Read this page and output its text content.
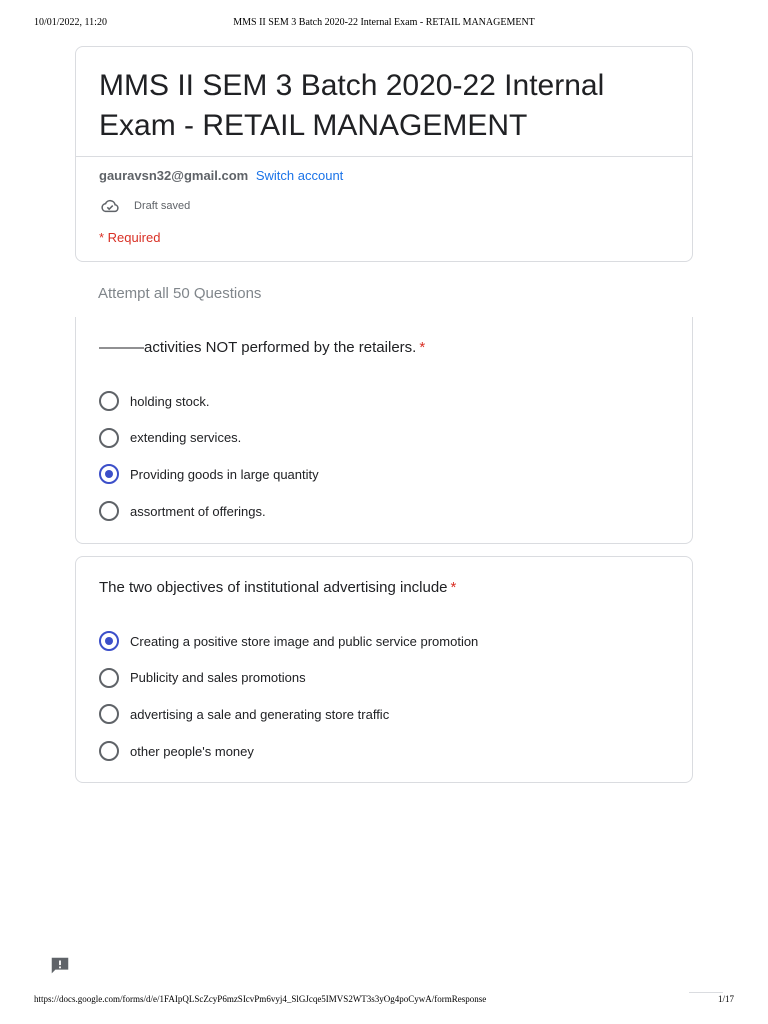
10/01/2022, 11:20	MMS II SEM 3 Batch 2020-22 Internal Exam - RETAIL MANAGEMENT
MMS II SEM 3 Batch 2020-22 Internal Exam - RETAIL MANAGEMENT
gauravsn32@gmail.com Switch account
Draft saved
* Required
Attempt all 50 Questions
———activities NOT performed by the retailers. *
holding stock.
extending services.
Providing goods in large quantity
assortment of offerings.
The two objectives of institutional advertising include *
Creating a positive store image and public service promotion
Publicity and sales promotions
advertising a sale and generating store traffic
other people's money
https://docs.google.com/forms/d/e/1FAIpQLScZcyP6mzSIcvPm6vyj4_SlGJcqe5IMVS2WT3s3yOg4poCywA/formResponse	1/17
